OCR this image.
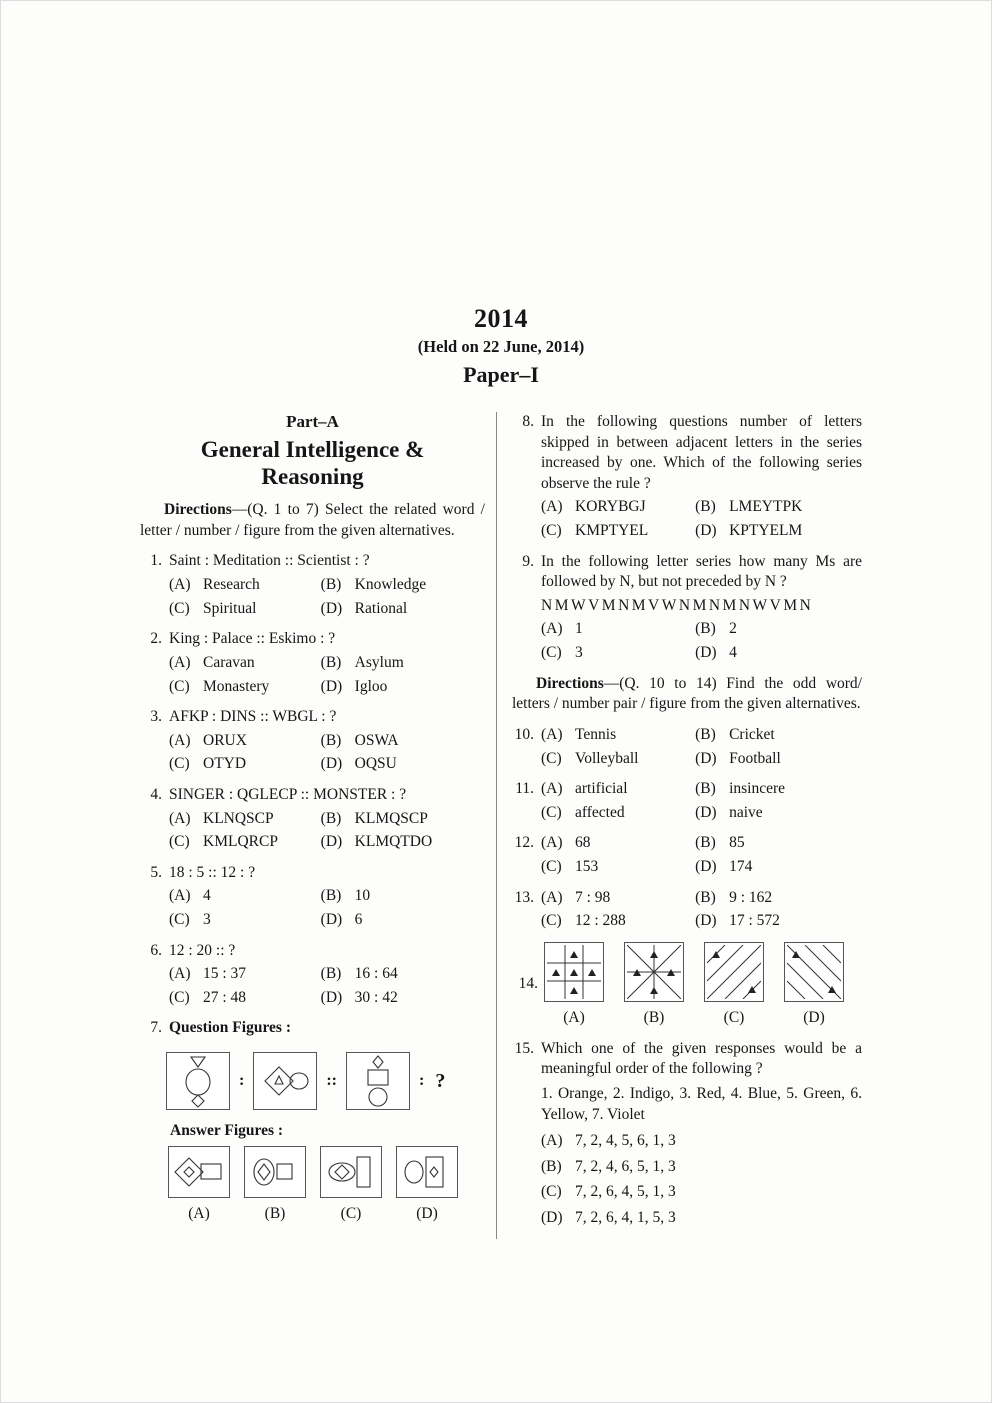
2014
(Held on 22 June, 2014)
Paper–I
Part–A
General Intelligence &
Reasoning

Directions—(Q. 1 to 7) Select the related word / letter / number / figure from the given alternatives.

1. Saint : Meditation :: Scientist : ?
(A) Research	(B) Knowledge
(C) Spiritual	(D) Rational
2. King : Palace :: Eskimo : ?
(A) Caravan	(B) Asylum
(C) Monastery	(D) Igloo
3. AFKP : DINS :: WBGL : ?
(A) ORUX	(B) OSWA
(C) OTYD	(D) OQSU
4. SINGER : QGLECP :: MONSTER : ?
(A) KLNQSCP	(B) KLMQSCP
(C) KMLQRCP	(D) KLMQTDO
5. 18 : 5 :: 12 : ?
(A) 4	(B) 10
(C) 3	(D) 6
6. 12 : 20 :: ?
(A) 15 : 37	(B) 16 : 64
(C) 27 : 48	(D) 30 : 42
7. Question Figures :
:	::	: ?
Answer Figures :
(A)	(B)	(C)	(D)
8. In the following questions number of letters skipped in between adjacent letters in the series increased by one. Which of the following series observe the rule ?
(A) KORYBGJ	(B) LMEYTPK
(C) KMPTYEL	(D) KPTYELM
9. In the following letter series how many Ms are followed by N, but not preceded by N ?
NMWVMNMVWNMNMNWVMN
(A) 1	(B) 2
(C) 3	(D) 4

Directions—(Q. 10 to 14) Find the odd word/ letters / number pair / figure from the given alternatives.

10. (A) Tennis	(B) Cricket
(C) Volleyball	(D) Football
11. (A) artificial	(B) insincere
(C) affected	(D) naive
12. (A) 68	(B) 85
(C) 153	(D) 174
13. (A) 7 : 98	(B) 9 : 162
(C) 12 : 288	(D) 17 : 572
14.
(A)	(B)	(C)	(D)
15. Which one of the given responses would be a meaningful order of the following ?
1. Orange, 2. Indigo, 3. Red, 4. Blue, 5. Green, 6. Yellow, 7. Violet
(A) 7, 2, 4, 5, 6, 1, 3
(B) 7, 2, 4, 6, 5, 1, 3
(C) 7, 2, 6, 4, 5, 1, 3
(D) 7, 2, 6, 4, 1, 5, 3
